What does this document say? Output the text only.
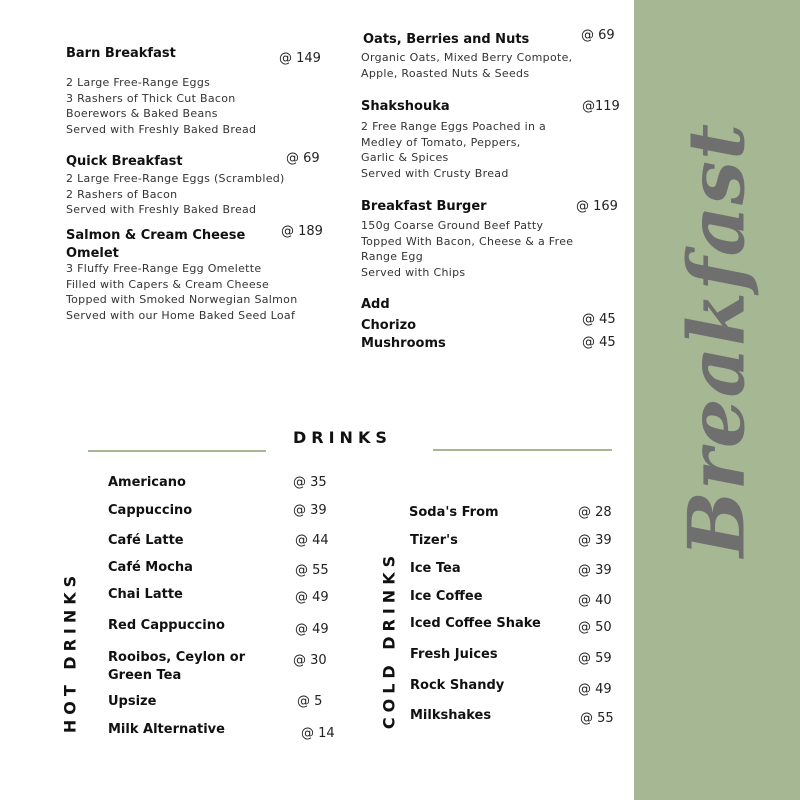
Breakfast
Barn Breakfast	@ 149
2 Large Free-Range Eggs
3 Rashers of Thick Cut Bacon
Boerewors & Baked Beans
Served with Freshly Baked Bread
Quick Breakfast	@ 69
2 Large Free-Range Eggs (Scrambled)
2 Rashers of Bacon
Served with Freshly Baked Bread
Salmon & Cream Cheese
Omelet
@ 189
3 Fluffy Free-Range Egg Omelette
Filled with Capers & Cream Cheese
Topped with Smoked Norwegian Salmon
Served with our Home Baked Seed Loaf
Oats, Berries and Nuts	@ 69
Organic Oats, Mixed Berry Compote,
Apple, Roasted Nuts & Seeds
Shakshouka	@119
2 Free Range Eggs Poached in a
Medley of Tomato, Peppers,
Garlic & Spices
Served with Crusty Bread
Breakfast Burger	@ 169
150g Coarse Ground Beef Patty
Topped With Bacon, Cheese & a Free
Range Egg
Served with Chips
Add
Chorizo	@ 45
Mushrooms	@ 45
DRINKS
HOT DRINKS	COLD DRINKS
Americano	@ 35
Cappuccino	@ 39
Café Latte	@ 44
Café Mocha	@ 55
Chai Latte	@ 49
Red Cappuccino	@ 49
Rooibos, Ceylon or
Green Tea
@ 30
Upsize	@ 5
Milk Alternative	@ 14
Soda's From	@ 28
Tizer's	@ 39
Ice Tea	@ 39
Ice Coffee	@ 40
Iced Coffee Shake	@ 50
Fresh Juices	@ 59
Rock Shandy	@ 49
Milkshakes	@ 55
